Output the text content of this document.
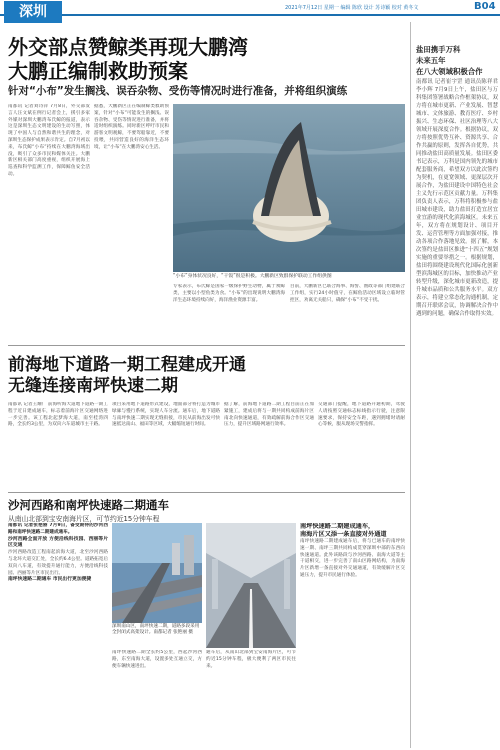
深圳	2021年7月12日 星期一 编辑 陈欣 设计 苏诗颖 校对 黄冬文	B04
外交部点赞鲸类再现大鹏湾
大鹏正编制救助预案
针对“小布”发生搁浅、误吞杂物、受伤等情况时进行准备，并将组织演练
南都讯 记者刘诗萍 7月8日，外交部发言人汪文斌在例行记者会上，援引多家外媒对深圳大鹏湾布氏鲸的报道，表示这是深圳生态文明建设的生动写照，体现了中国人与自然和谐共生的理念，对深圳生态保护成果表示肯定。自7月初以来，布氏鲸“小布”持续在大鹏湾海域出没，吸引了众多市民和媒体关注。大鹏新区相关部门高度重视，组织开展海上巡查和科学监测工作，保障鲸鱼安全活动。
据悉，大鹏新区正在编制鲸类救助预案，针对“小布”可能发生的搁浅、误吞杂物、受伤等情况进行准备，并将适时组织演练。同时新区呼吁市民和游客文明观鲸，不要驾船靠近，不要投喂，共同营造良好的海洋生态环境，让“小布”在大鹏湾安心生活。
“小布”身体状况良好，“干饭”很是积极。大鹏新区致群保护联动工作组供图
专家表示，布氏鲸是国家一级保护野生动物，属于须鲸类，主要以小型鱼类为食。“小布”的出现说明大鹏湾海洋生态环境持续向好，海洋渔业资源丰富。
目前，大鹏新区已联合海事、海警、渔政等部门组建联合工作组，实行24小时值守，在鲸鱼活动区域设立临时管控区，劝离无关船只，确保“小布”不受干扰。
前海地下道路一期工程建成开通
无缝连接南坪快速二期
南都讯 记者王耀广 前海听海大道地下道路一期工程于近日建成通车，标志着前海片区交通网络进一步完善。该工程北起梦海大道，南至桂湾四路，全长约3公里，为双向六车道城市主干路。
项目采用地下道路形式建设，地面部分将打造为城市绿廊与慢行系统，实现人车分流。通车后，地下道路与南坪快速二期实现无缝衔接，市民从前海出发可快速抵达南山、福田等区域，大幅缩短通行时间。
据了解，前海地下道路二期工程目前正在加紧施工，建成后将与一期共同构成前海片区南北向快速通道，有效疏解前海合作区交通压力，提升区域路网通行效率。
交通部门提醒，地下道路开通初期，驾驶人请按照交通标志标线指示行驶，注意限速要求，保持安全车距，遇到拥堵时请耐心等候，服从现场交警指挥。
沙河西路和南坪快速路二期通车
从南山北部到宝安南海片区，可节约近15分钟车程
南都讯 记者张艳丽 7月9日，备受期待的沙河西路和南坪快速路二期建成通车。
沙河西路全面开放 方便沿线科技园、西丽等片区交通
沙河西路改造工程南起滨海大道，北至沙河西路与北环大道交汇处，全长约6.4公里。道路拓宽后双向八车道，有效提升通行能力，方便沿线科技园、西丽等片区市民出行。
南坪快速路二期通车 市民出行更加便捷
深圳南山区，南坪快速二期，道路多段采用全封闭式高架设计。南都记者 张艳丽 摄
南坪快速路二期全长约5公里，西起沙河西路，东至南海大道，设置多处互通立交，方便车辆快速进出。
通车后，从南山北部到宝安南海片区，可节约近15分钟车程，极大便利了两区市民往来。
南坪快速路二期建成通车，
南海片区又添一条直接对外通道
南坪快速路二期建成通车后，将与已通车的南坪快速一期、南坪三期共同构成贯穿深圳中部的东西向快速通道。此外该路段与沙河西路、南海大道等主干道相交，进一步完善了南山区路网结构，为南海片区新增一条直接对外交通通道，有效缓解片区交通压力，提升市民通行体验。
盐田携手万科
未来五年
在八大领域积极合作
南都讯 记者崔宇罡 通讯员陈祥君 李小辉 7月9日上午，盐田区与万科集团签署战略合作框架协议，双方将在城市更新、产业发展、智慧城市、文体旅游、教育医疗、乡村振兴、生态环保、社区治理等八大领域开展深度合作。根据协议，双方将按照优势互补、资源共享、合作共赢的原则，发挥各自优势，共同推动盐田高质量发展。盐田区委书记表示，万科是国内领先的城市配套服务商，希望双方以此次签约为契机，在更宽领域、更深层次开展合作，为盐田建设中国特色社会主义先行示范区贡献力量。万科集团负责人表示，万科将积极参与盐田城市建设，助力盐田打造宜居宜业宜游的现代化滨海城区。未来五年，双方将在规划设计、项目开发、运营管理等方面加强对接，推动各项合作落地见效。据了解，本次签约是盐田区推进“十四五”规划实施的重要举措之一。根据规划，盐田将围绕建设现代化国际化创新型滨海城区的目标，加快推动产业转型升级，深化城市更新改造，提升城市品质和公共服务水平。双方表示，将建立常态化沟通机制，定期召开联席会议，协调解决合作中遇到的问题，确保合作取得实效。
